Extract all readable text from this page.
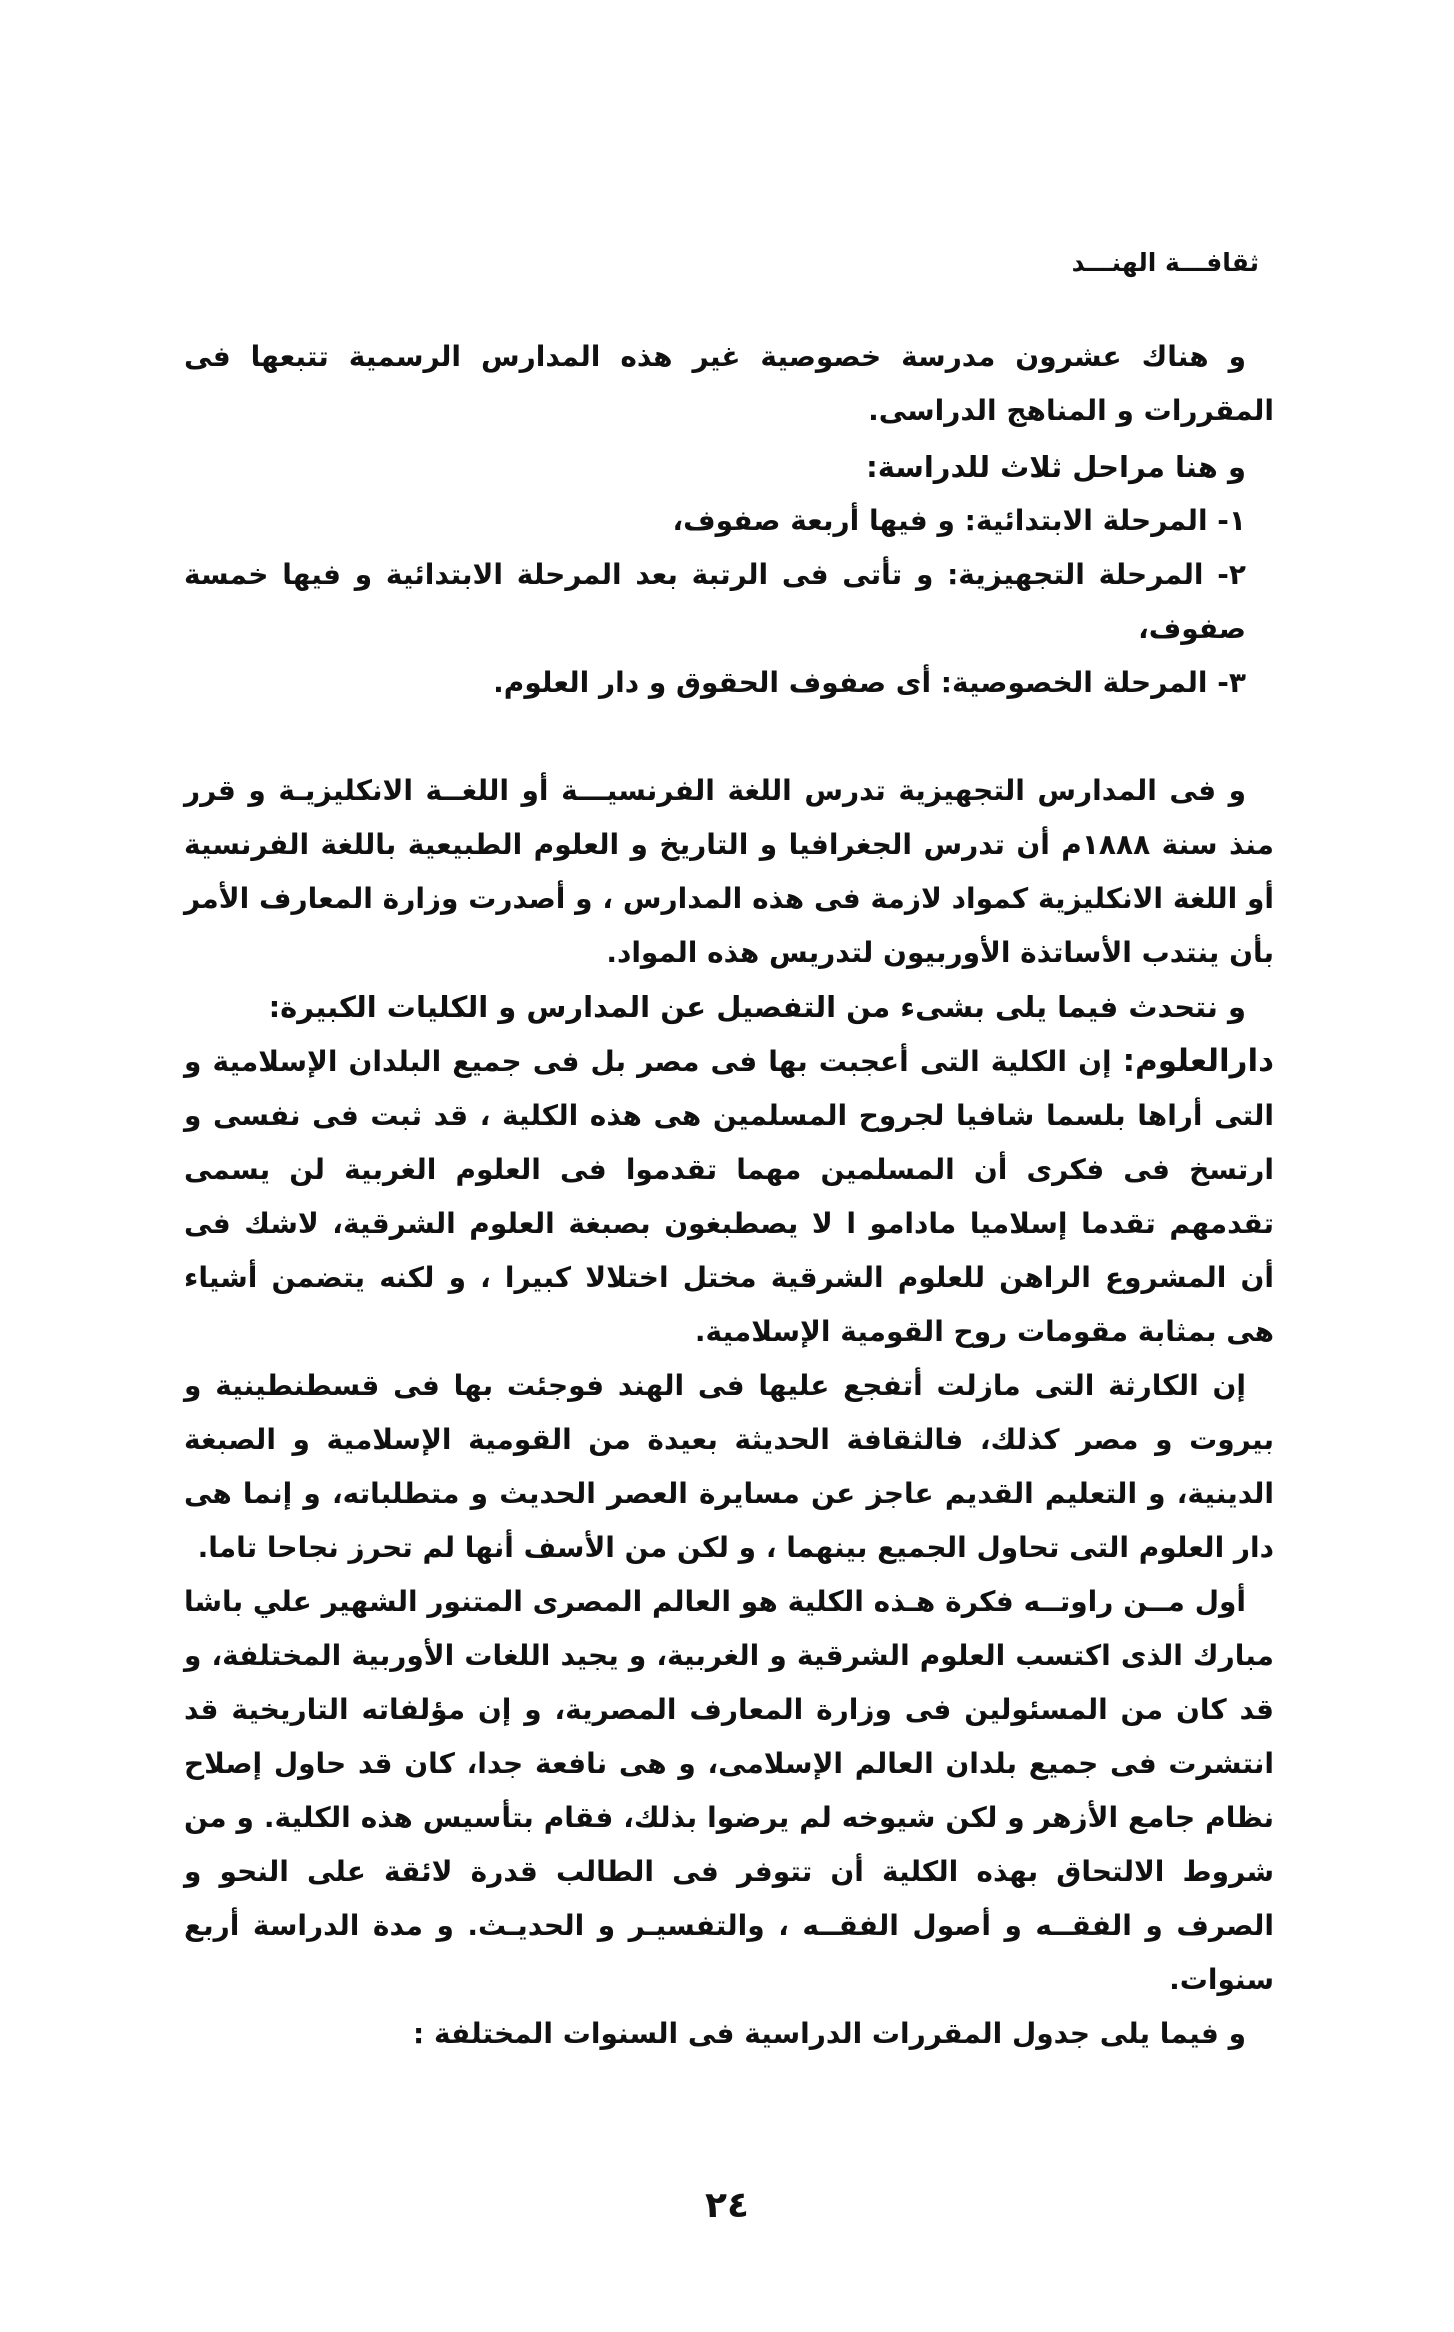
ثقافـــة الهنـــد

و هناك عشرون مدرسة خصوصية غير هذه المدارس الرسمية تتبعها فى المقررات و المناهج الدراسى.

و هنا مراحل ثلاث للدراسة:

١- المرحلة الابتدائية: و فيها أربعة صفوف،

٢- المرحلة التجهيزية: و تأتى فى الرتبة بعد المرحلة الابتدائية و فيها خمسة صفوف،

٣- المرحلة الخصوصية: أى صفوف الحقوق و دار العلوم.

و فى المدارس التجهيزية تدرس اللغة الفرنسيـــة أو اللغــة الانكليزيـة و قرر منذ سنة ١٨٨٨م أن تدرس الجغرافيا و التاريخ و العلوم الطبيعية باللغة الفرنسية أو اللغة الانكليزية كمواد لازمة فى هذه المدارس ، و أصدرت وزارة المعارف الأمر بأن ينتدب الأساتذة الأوربيون لتدريس هذه المواد.

و نتحدث فيما يلى بشىء من التفصيل عن المدارس و الكليات الكبيرة:

دارالعلوم: إن الكلية التى أعجبت بها فى مصر بل فى جميع البلدان الإسلامية و التى أراها بلسما شافيا لجروح المسلمين هى هذه الكلية ، قد ثبت فى نفسى و ارتسخ فى فكرى أن المسلمين مهما تقدموا فى العلوم الغربية لن يسمى تقدمهم تقدما إسلاميا مادامو ا لا يصطبغون بصبغة العلوم الشرقية، لاشك فى أن المشروع الراهن للعلوم الشرقية مختل اختلالا كبيرا ، و لكنه يتضمن أشياء هى بمثابة مقومات روح القومية الإسلامية.

إن الكارثة التى مازلت أتفجع عليها فى الهند فوجئت بها فى قسطنطينية و بيروت و مصر كذلك، فالثقافة الحديثة بعيدة من القومية الإسلامية و الصبغة الدينية، و التعليم القديم عاجز عن مسايرة العصر الحديث و متطلباته، و إنما هى دار العلوم التى تحاول الجميع بينهما ، و لكن من الأسف أنها لم تحرز نجاحا تاما.

أول مــن راوتــه فكرة هـذه الكلية هو العالم المصرى المتنور الشهير علي باشا مبارك الذى اكتسب العلوم الشرقية و الغربية، و يجيد اللغات الأوربية المختلفة، و قد كان من المسئولين فى وزارة المعارف المصرية، و إن مؤلفاته التاريخية قد انتشرت فى جميع بلدان العالم الإسلامى، و هى نافعة جدا، كان قد حاول إصلاح نظام جامع الأزهر و لكن شيوخه لم يرضوا بذلك، فقام بتأسيس هذه الكلية. و من شروط الالتحاق بهذه الكلية أن تتوفر فى الطالب قدرة لائقة على النحو و الصرف و الفقــه و أصول الفقــه ، والتفسيـر و الحديـث. و مدة الدراسة أربع سنوات.

و فيما يلى جدول المقررات الدراسية فى السنوات المختلفة :

٢٤
